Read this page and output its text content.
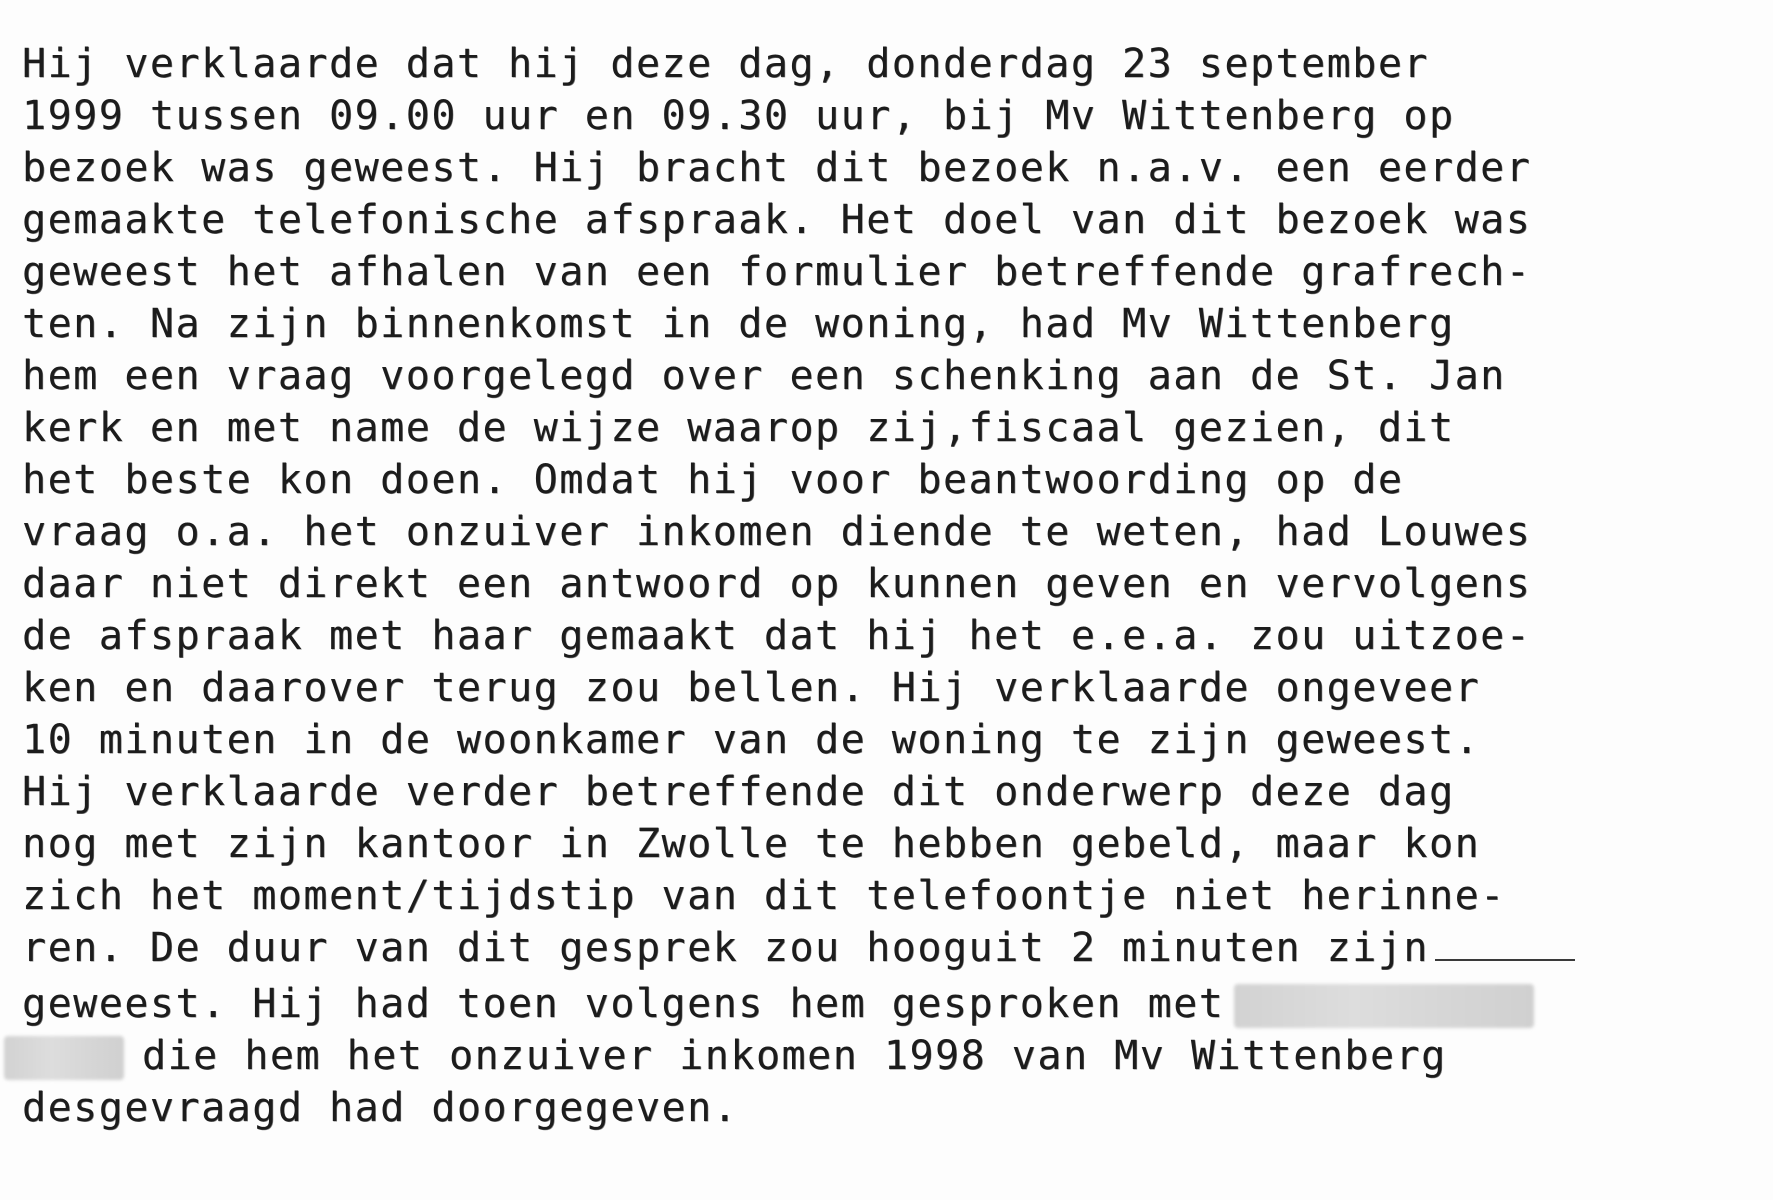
Hij verklaarde dat hij deze dag, donderdag 23 september
1999 tussen 09.00 uur en 09.30 uur, bij Mv Wittenberg op
bezoek was geweest. Hij bracht dit bezoek n.a.v. een eerder
gemaakte telefonische afspraak. Het doel van dit bezoek was
geweest het afhalen van een formulier betreffende grafrech-
ten. Na zijn binnenkomst in de woning, had Mv Wittenberg
hem een vraag voorgelegd over een schenking aan de St. Jan
kerk en met name de wijze waarop zij,fiscaal gezien, dit
het beste kon doen. Omdat hij voor beantwoording op de
vraag o.a. het onzuiver inkomen diende te weten, had Louwes
daar niet direkt een antwoord op kunnen geven en vervolgens
de afspraak met haar gemaakt dat hij het e.e.a. zou uitzoe-
ken en daarover terug zou bellen. Hij verklaarde ongeveer
10 minuten in de woonkamer van de woning te zijn geweest.
Hij verklaarde verder betreffende dit onderwerp deze dag
nog met zijn kantoor in Zwolle te hebben gebeld, maar kon
zich het moment/tijdstip van dit telefoontje niet herinne-
ren. De duur van dit gesprek zou hooguit 2 minuten zijn
geweest. Hij had toen volgens hem gesproken met
die hem het onzuiver inkomen 1998 van Mv Wittenberg
desgevraagd had doorgegeven.
